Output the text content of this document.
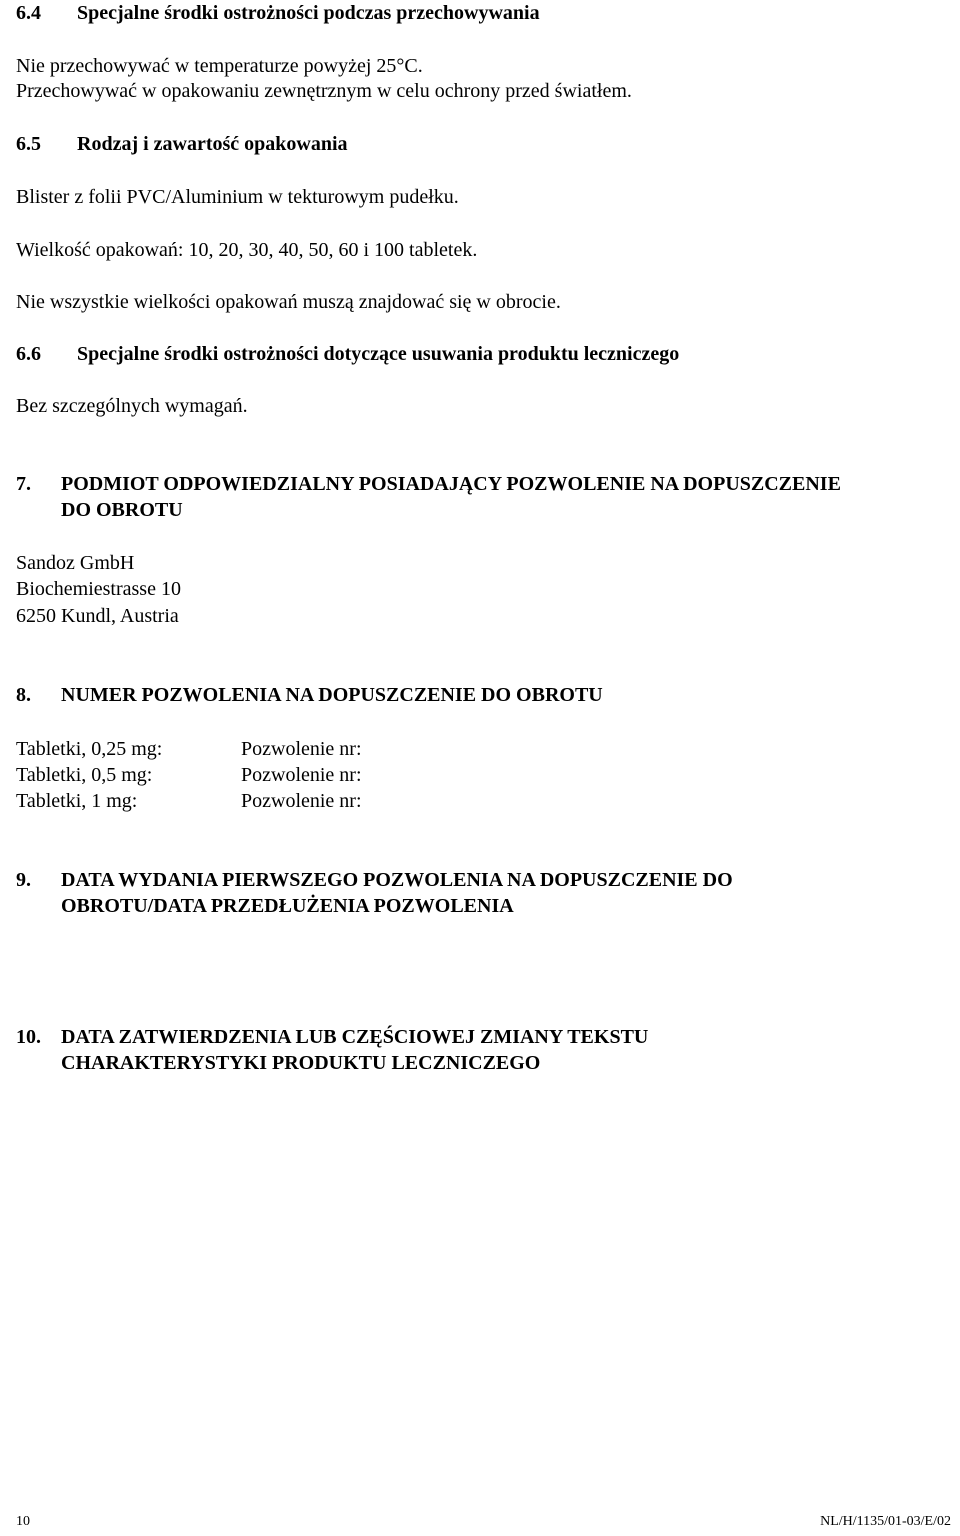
6.4 Specjalne środki ostrożności podczas przechowywania
Nie przechowywać w temperaturze powyżej 25°C.
Przechowywać w opakowaniu zewnętrznym w celu ochrony przed światłem.
6.5 Rodzaj i zawartość opakowania
Blister z folii PVC/Aluminium w tekturowym pudełku.
Wielkość opakowań: 10, 20, 30, 40, 50, 60 i 100 tabletek.
Nie wszystkie wielkości opakowań muszą znajdować się w obrocie.
6.6 Specjalne środki ostrożności dotyczące usuwania produktu leczniczego
Bez szczególnych wymagań.
7. PODMIOT ODPOWIEDZIALNY POSIADAJĄCY POZWOLENIE NA DOPUSZCZENIE
DO OBROTU
Sandoz GmbH
Biochemiestrasse 10
6250 Kundl, Austria
8. NUMER POZWOLENIA NA DOPUSZCZENIE DO OBROTU
Tabletki, 0,25 mg:	Pozwolenie nr:
Tabletki, 0,5 mg:	Pozwolenie nr:
Tabletki, 1 mg:	Pozwolenie nr:
9. DATA WYDANIA PIERWSZEGO POZWOLENIA NA DOPUSZCZENIE DO
OBROTU/DATA PRZEDŁUŻENIA POZWOLENIA
10. DATA ZATWIERDZENIA LUB CZĘŚCIOWEJ ZMIANY TEKSTU
CHARAKTERYSTYKI PRODUKTU LECZNICZEGO
10	NL/H/1135/01-03/E/02
